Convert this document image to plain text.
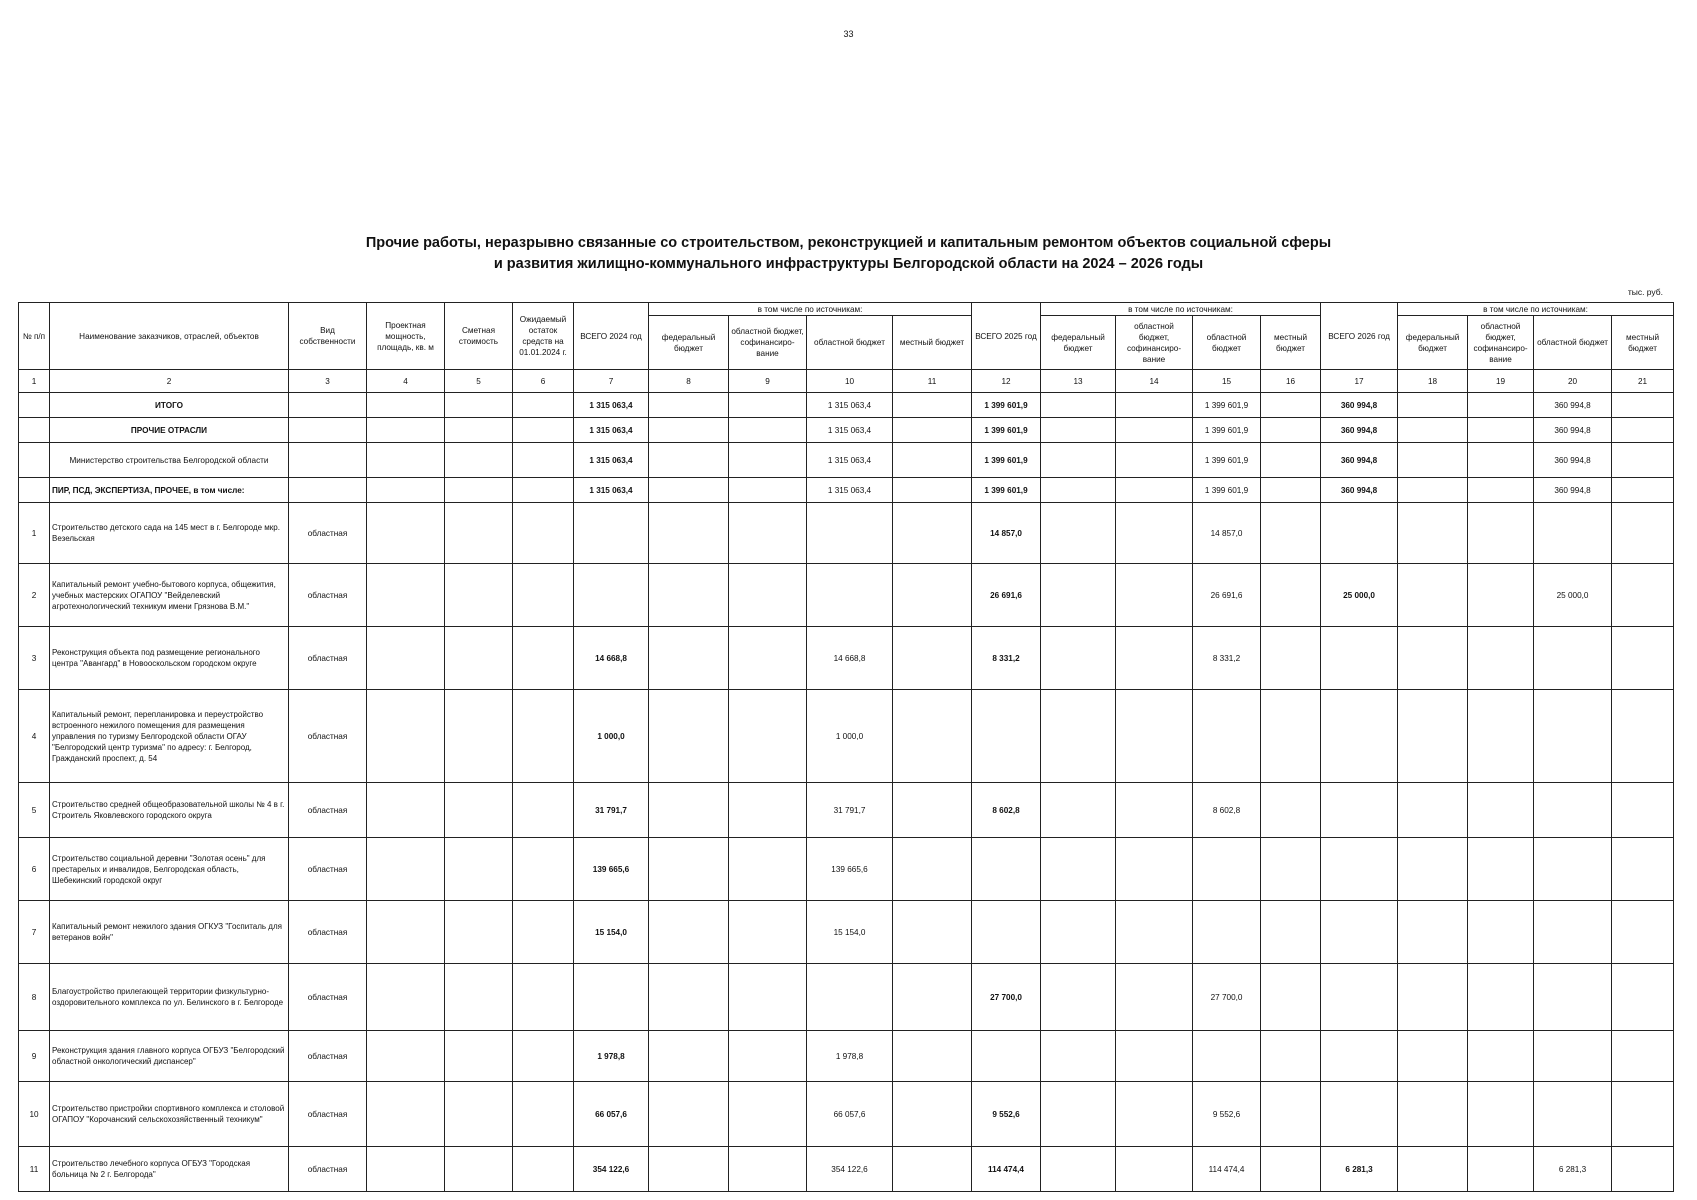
33
Прочие работы, неразрывно связанные со строительством, реконструкцией и капитальным ремонтом объектов социальной сферы
и развития жилищно-коммунального инфраструктуры Белгородской области на 2024 – 2026 годы
тыс. руб.
№ п/п	Наименование заказчиков, отраслей, объектов	Вид собственности	Проектная мощность, площадь, кв. м	Сметная стоимость	Ожидаемый остаток средств на 01.01.2024 г.	ВСЕГО 2024 год	в том числе по источникам:				ВСЕГО 2025 год	в том числе по источникам:				ВСЕГО 2026 год	в том числе по источникам:			
							федеральный бюджет	областной бюджет, софинансиро-вание	областной бюджет	местный бюджет		федеральный бюджет	областной бюджет, софинансиро-вание	областной бюджет	местный бюджет		федеральный бюджет	областной бюджет, софинансиро-вание	областной бюджет	местный бюджет
1	2	3	4	5	6	7	8	9	10	11	12	13	14	15	16	17	18	19	20	21
	ИТОГО					1 315 063,4			1 315 063,4		1 399 601,9			1 399 601,9		360 994,8			360 994,8	
	ПРОЧИЕ ОТРАСЛИ					1 315 063,4			1 315 063,4		1 399 601,9			1 399 601,9		360 994,8			360 994,8	
	Министерство строительства Белгородской области					1 315 063,4			1 315 063,4		1 399 601,9			1 399 601,9		360 994,8			360 994,8	
	ПИР, ПСД, ЭКСПЕРТИЗА, ПРОЧЕЕ, в том числе:					1 315 063,4			1 315 063,4		1 399 601,9			1 399 601,9		360 994,8			360 994,8	
1	Строительство детского сада на 145 мест в г. Белгороде мкр. Везельская	областная									14 857,0			14 857,0						
2	Капитальный ремонт учебно-бытового корпуса, общежития, учебных мастерских ОГАПОУ "Вейделевский агротехнологический техникум имени Грязнова В.М."	областная									26 691,6			26 691,6		25 000,0			25 000,0	
3	Реконструкция объекта под размещение регионального центра "Авангард" в Новооскольском городском округе	областная				14 668,8			14 668,8		8 331,2			8 331,2						
4	Капитальный ремонт, перепланировка и переустройство встроенного нежилого помещения для размещения управления по туризму Белгородской области ОГАУ "Белгородский центр туризма" по адресу: г. Белгород, Гражданский проспект, д. 54	областная				1 000,0			1 000,0											
5	Строительство средней общеобразовательной школы № 4 в г. Строитель Яковлевского городского округа	областная				31 791,7			31 791,7		8 602,8			8 602,8						
6	Строительство социальной деревни "Золотая осень" для престарелых и инвалидов, Белгородская область, Шебекинский городской округ	областная				139 665,6			139 665,6											
7	Капитальный ремонт нежилого здания ОГКУЗ "Госпиталь для ветеранов войн"	областная				15 154,0			15 154,0											
8	Благоустройство прилегающей территории физкультурно-оздоровительного комплекса по ул. Белинского в г. Белгороде	областная									27 700,0			27 700,0						
9	Реконструкция здания главного корпуса ОГБУЗ "Белгородский областной онкологический диспансер"	областная				1 978,8			1 978,8											
10	Строительство пристройки спортивного комплекса и столовой ОГАПОУ "Корочанский сельскохозяйственный техникум"	областная				66 057,6			66 057,6		9 552,6			9 552,6						
11	Строительство лечебного корпуса ОГБУЗ "Городская больница № 2 г. Белгорода"	областная				354 122,6			354 122,6		114 474,4			114 474,4		6 281,3			6 281,3	
